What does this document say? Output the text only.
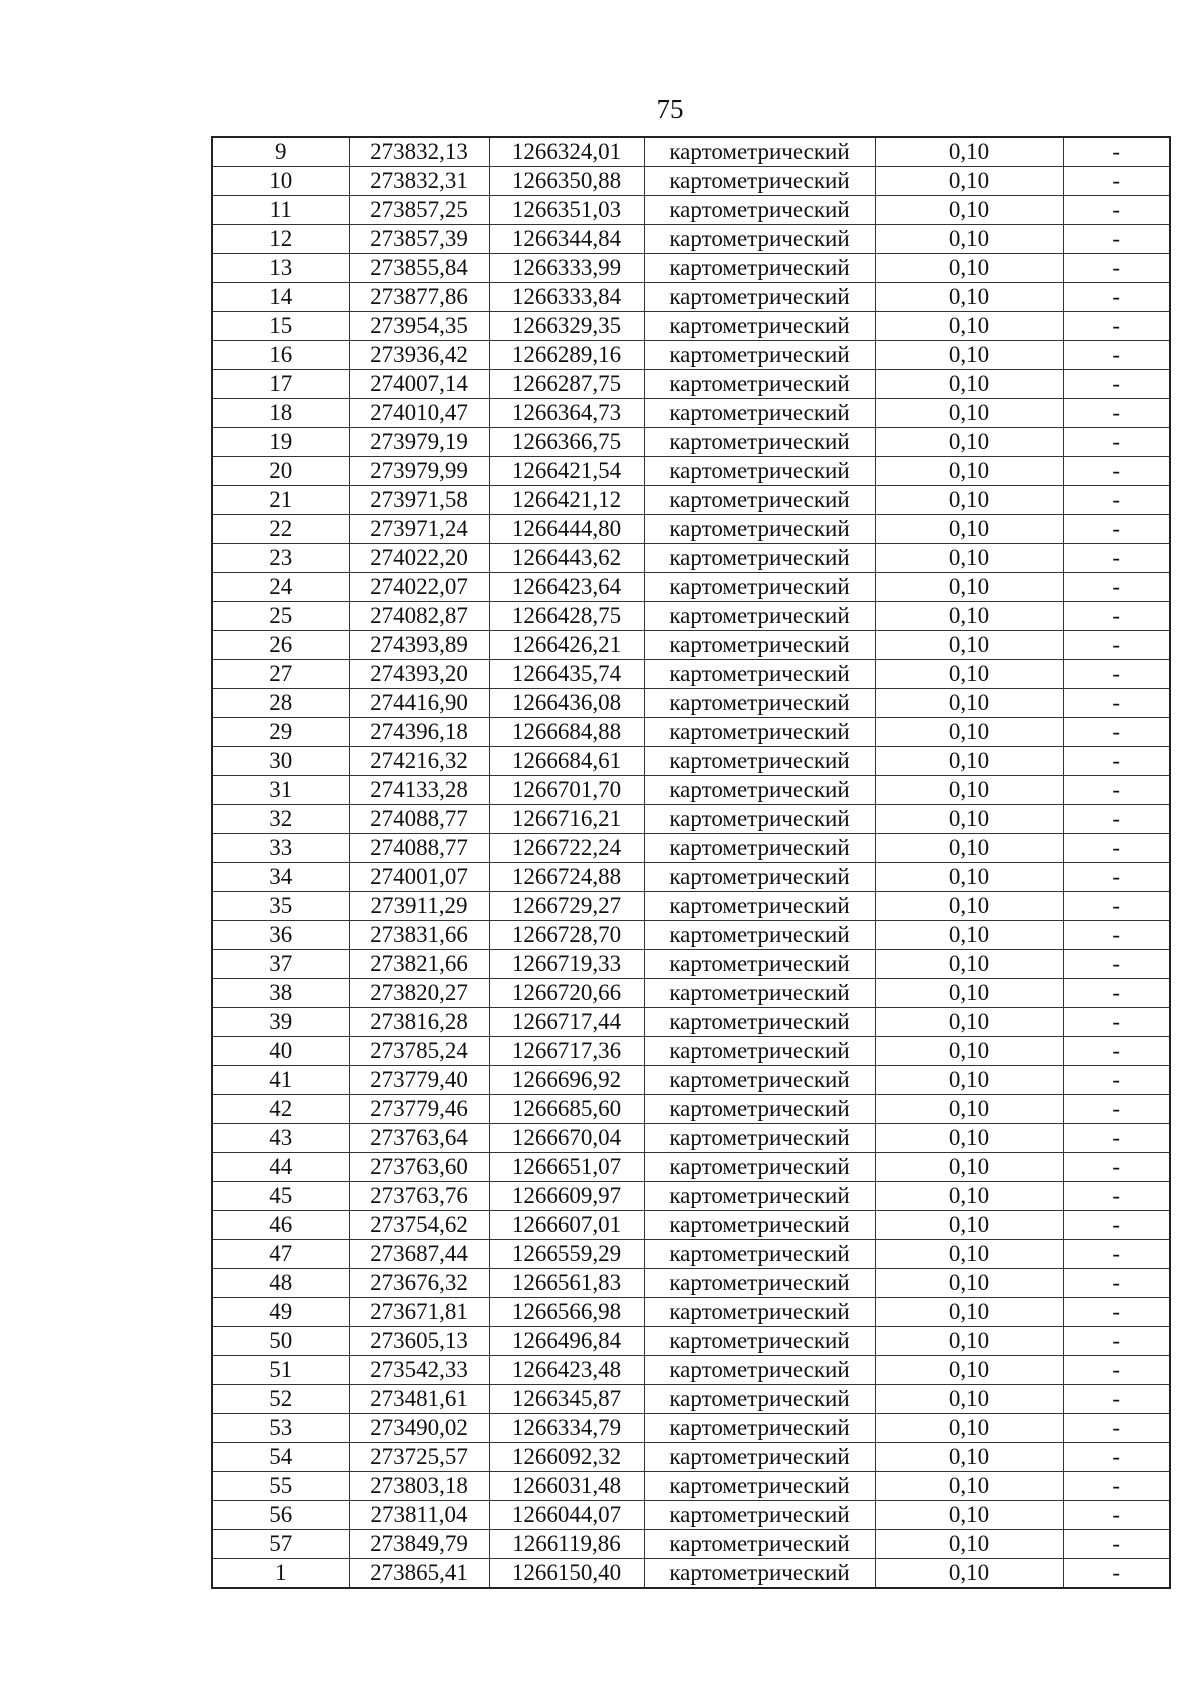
75
9	273832,13	1266324,01	картометрический	0,10	-
10	273832,31	1266350,88	картометрический	0,10	-
11	273857,25	1266351,03	картометрический	0,10	-
12	273857,39	1266344,84	картометрический	0,10	-
13	273855,84	1266333,99	картометрический	0,10	-
14	273877,86	1266333,84	картометрический	0,10	-
15	273954,35	1266329,35	картометрический	0,10	-
16	273936,42	1266289,16	картометрический	0,10	-
17	274007,14	1266287,75	картометрический	0,10	-
18	274010,47	1266364,73	картометрический	0,10	-
19	273979,19	1266366,75	картометрический	0,10	-
20	273979,99	1266421,54	картометрический	0,10	-
21	273971,58	1266421,12	картометрический	0,10	-
22	273971,24	1266444,80	картометрический	0,10	-
23	274022,20	1266443,62	картометрический	0,10	-
24	274022,07	1266423,64	картометрический	0,10	-
25	274082,87	1266428,75	картометрический	0,10	-
26	274393,89	1266426,21	картометрический	0,10	-
27	274393,20	1266435,74	картометрический	0,10	-
28	274416,90	1266436,08	картометрический	0,10	-
29	274396,18	1266684,88	картометрический	0,10	-
30	274216,32	1266684,61	картометрический	0,10	-
31	274133,28	1266701,70	картометрический	0,10	-
32	274088,77	1266716,21	картометрический	0,10	-
33	274088,77	1266722,24	картометрический	0,10	-
34	274001,07	1266724,88	картометрический	0,10	-
35	273911,29	1266729,27	картометрический	0,10	-
36	273831,66	1266728,70	картометрический	0,10	-
37	273821,66	1266719,33	картометрический	0,10	-
38	273820,27	1266720,66	картометрический	0,10	-
39	273816,28	1266717,44	картометрический	0,10	-
40	273785,24	1266717,36	картометрический	0,10	-
41	273779,40	1266696,92	картометрический	0,10	-
42	273779,46	1266685,60	картометрический	0,10	-
43	273763,64	1266670,04	картометрический	0,10	-
44	273763,60	1266651,07	картометрический	0,10	-
45	273763,76	1266609,97	картометрический	0,10	-
46	273754,62	1266607,01	картометрический	0,10	-
47	273687,44	1266559,29	картометрический	0,10	-
48	273676,32	1266561,83	картометрический	0,10	-
49	273671,81	1266566,98	картометрический	0,10	-
50	273605,13	1266496,84	картометрический	0,10	-
51	273542,33	1266423,48	картометрический	0,10	-
52	273481,61	1266345,87	картометрический	0,10	-
53	273490,02	1266334,79	картометрический	0,10	-
54	273725,57	1266092,32	картометрический	0,10	-
55	273803,18	1266031,48	картометрический	0,10	-
56	273811,04	1266044,07	картометрический	0,10	-
57	273849,79	1266119,86	картометрический	0,10	-
1	273865,41	1266150,40	картометрический	0,10	-
